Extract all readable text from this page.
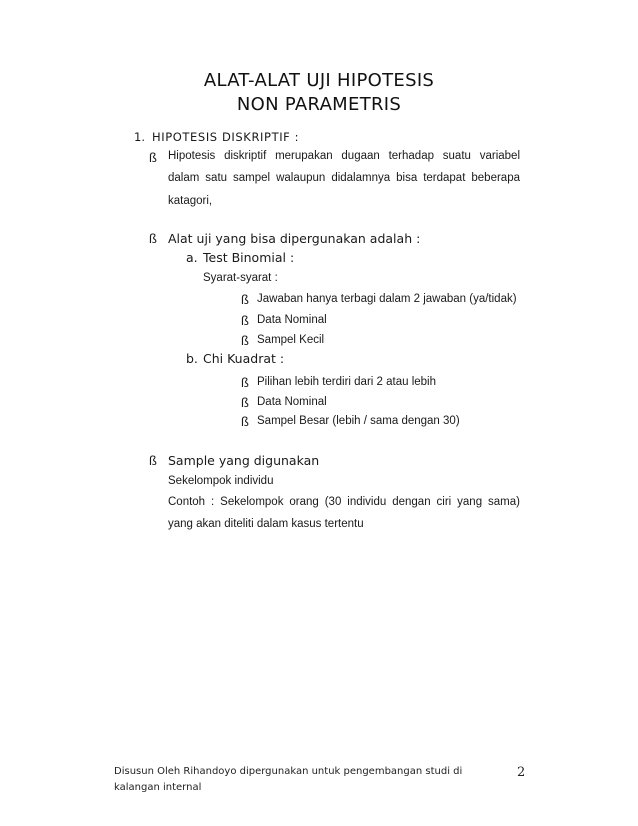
ALAT-ALAT UJI HIPOTESIS
NON PARAMETRIS
1. HIPOTESIS DISKRIPTIF :
ß Hipotesis diskriptif merupakan dugaan terhadap suatu variabel
dalam satu sampel walaupun didalamnya bisa terdapat beberapa
katagori,
ß Alat uji yang bisa dipergunakan adalah :
a. Test Binomial :
Syarat-syarat :
ß Jawaban hanya terbagi dalam 2 jawaban (ya/tidak)
ß Data Nominal
ß Sampel Kecil
b. Chi Kuadrat :
ß Pilihan lebih terdiri dari 2 atau lebih
ß Data Nominal
ß Sampel Besar (lebih / sama dengan 30)
ß Sample yang digunakan
Sekelompok individu
Contoh : Sekelompok orang (30 individu dengan ciri yang sama)
yang akan diteliti dalam kasus tertentu
Disusun Oleh Rihandoyo dipergunakan untuk pengembangan studi di kalangan internal
2
